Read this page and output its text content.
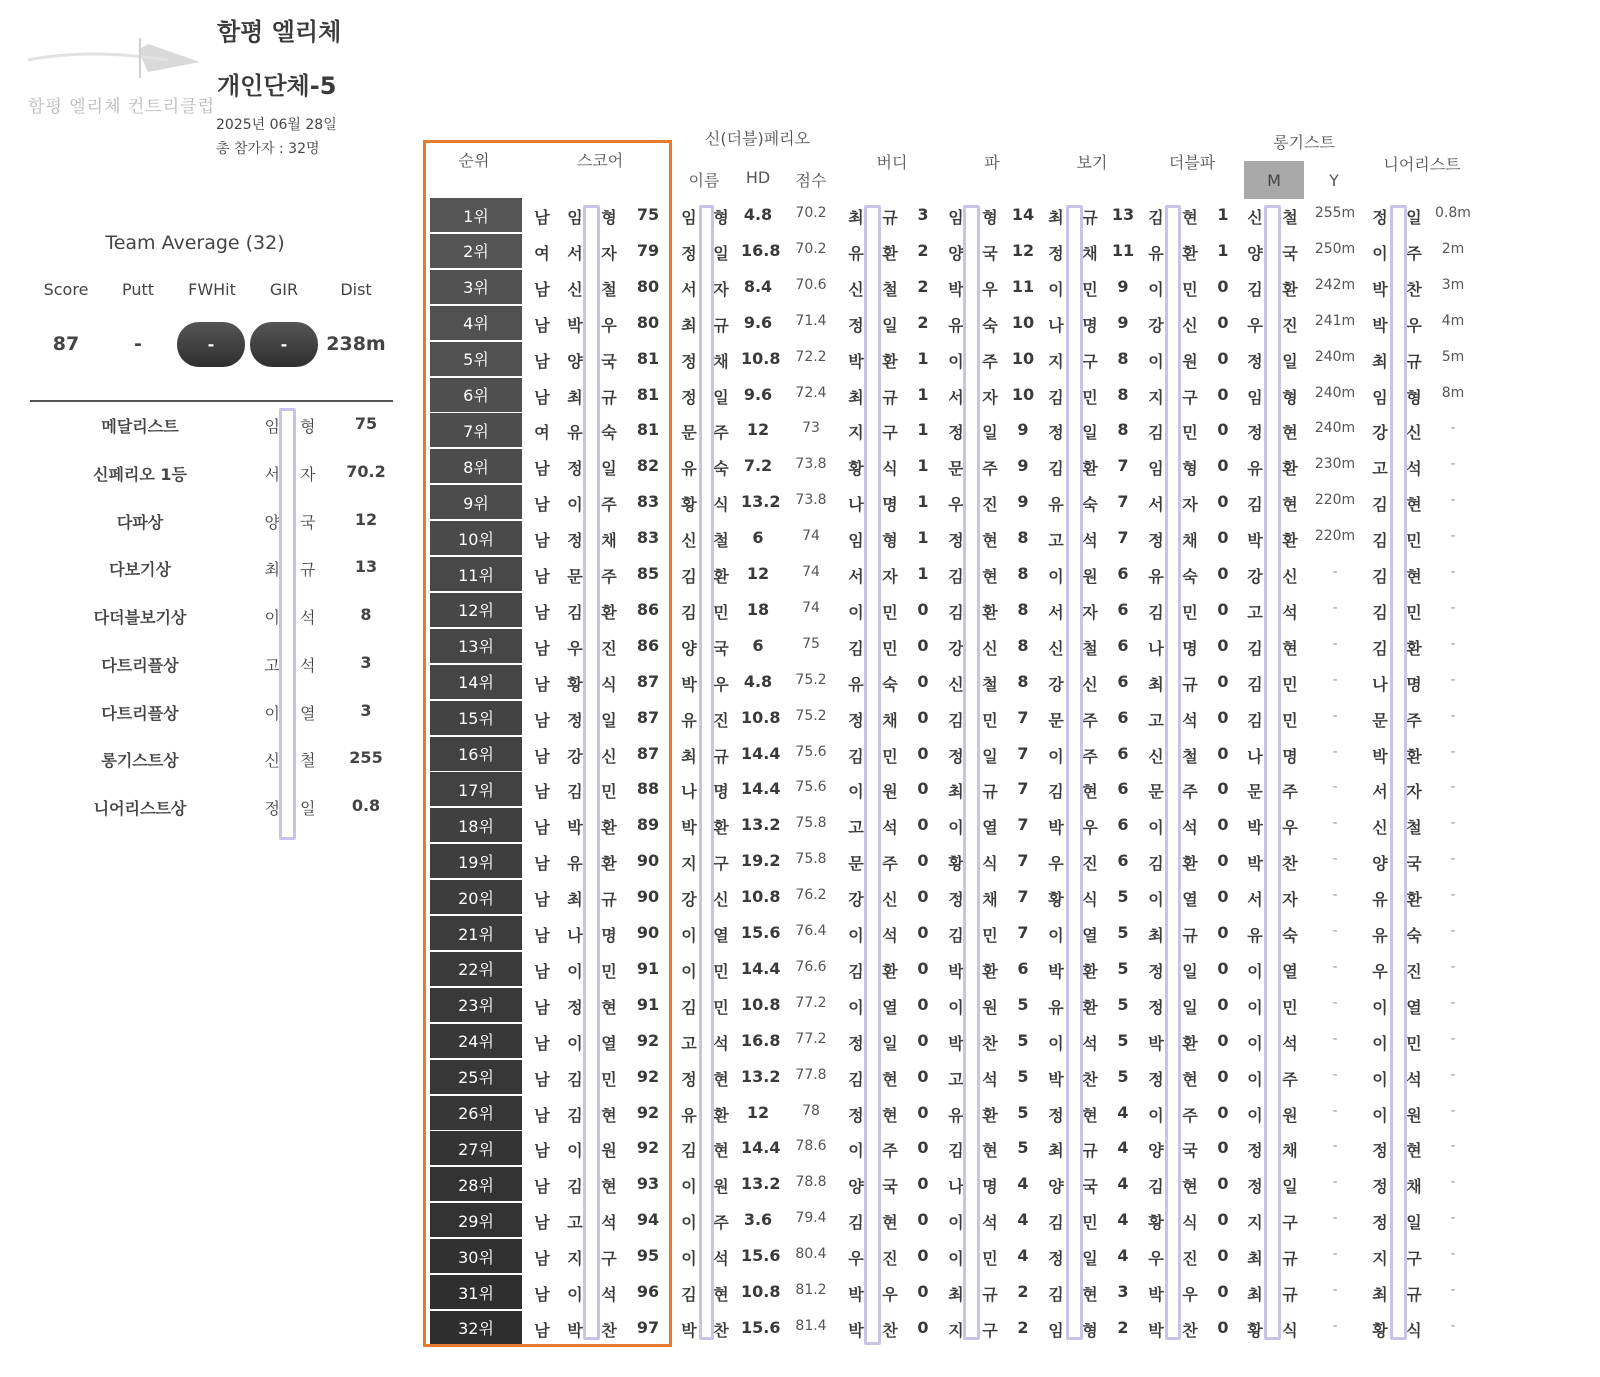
함평 엘리체 컨트리클럽
함평 엘리체
개인단체-5
2025년 06월 28일
총 참가자 : 32명
Team Average (32)
Score	Putt	FWHit	GIR	Dist
87	-	-	-	238m
메달리스트	임 형	75
신페리오 1등	서 자	70.2
다파상	양 국	12
다보기상	최 규	13
다더블보기상	이 석	8
다트리플상	고 석	3
다트리플상	이 열	3
롱기스트상	신 철	255
니어리스트상	정 일	0.8
순위	스코어
신(더블)페리오
이름	HD	점수
버디	파	보기	더블파
롱기스트
M	Y
니어리스트
1위	남	임	형	75	임	형 4.8	70.2	최	규	3	임	형 14 최	규 13 김	현	1	신	철	255m	정	일 0.8m
2위	여	서	자	79	정	일 16.8	70.2	유	환	2	양	국 12 정	채 11 유	환	1	양	국	250m	이	주	2m
3위	남	신	철	80	서	자 8.4	70.6	신	철	2	박	우 11 이	민	9	이	민	0	김	환	242m	박	찬	3m
4위	남	박	우	80	최	규 9.6	71.4	정	일	2	유	숙 10 나	명	9	강	신	0	우	진	241m	박	우	4m
5위	남	양	국	81	정	채 10.8	72.2	박	환	1	이	주 10 지	구	8	이	원	0	정	일	240m	최	규	5m
6위	남	최	규	81	정	일 9.6	72.4	최	규	1	서	자 10 김	민	8	지	구	0	임	형	240m	임	형	8m
7위	여	유	숙	81	문	주	12	73	지	구	1	정	일	9	정	일	8	김	민	0	정	현	240m	강	신	-
8위	남	정	일	82	유	숙 7.2	73.8	황	식	1	문	주	9	김	환	7	임	형	0	유	환	230m	고	석	-
9위	남	이	주	83	황	식 13.2	73.8	나	명	1	우	진	9	유	숙	7	서	자	0	김	현	220m	김	현	-
10위	남	정	채	83	신	철	6	74	임	형	1	정	현	8	고	석	7	정	채	0	박	환	220m	김	민	-
11위	남	문	주	85	김	환	12	74	서	자	1	김	현	8	이	원	6	유	숙	0	강	신	-	김	현	-
12위	남	김	환	86	김	민	18	74	이	민	0	김	환	8	서	자	6	김	민	0	고	석	-	김	민	-
13위	남	우	진	86	양	국	6	75	김	민	0	강	신	8	신	철	6	나	명	0	김	현	-	김	환	-
14위	남	황	식	87	박	우 4.8	75.2	유	숙	0	신	철	8	강	신	6	최	규	0	김	민	-	나	명	-
15위	남	정	일	87	유	진 10.8	75.2	정	채	0	김	민	7	문	주	6	고	석	0	김	민	-	문	주	-
16위	남	강	신	87	최	규 14.4	75.6	김	민	0	정	일	7	이	주	6	신	철	0	나	명	-	박	환	-
17위	남	김	민	88	나	명 14.4	75.6	이	원	0	최	규	7	김	현	6	문	주	0	문	주	-	서	자	-
18위	남	박	환	89	박	환 13.2	75.8	고	석	0	이	열	7	박	우	6	이	석	0	박	우	-	신	철	-
19위	남	유	환	90	지	구 19.2	75.8	문	주	0	황	식	7	우	진	6	김	환	0	박	찬	-	양	국	-
20위	남	최	규	90	강	신 10.8	76.2	강	신	0	정	채	7	황	식	5	이	열	0	서	자	-	유	환	-
21위	남	나	명	90	이	열 15.6	76.4	이	석	0	김	민	7	이	열	5	최	규	0	유	숙	-	유	숙	-
22위	남	이	민	91	이	민 14.4	76.6	김	환	0	박	환	6	박	환	5	정	일	0	이	열	-	우	진	-
23위	남	정	현	91	김	민 10.8	77.2	이	열	0	이	원	5	유	환	5	정	일	0	이	민	-	이	열	-
24위	남	이	열	92	고	석 16.8	77.2	정	일	0	박	찬	5	이	석	5	박	환	0	이	석	-	이	민	-
25위	남	김	민	92	정	현 13.2	77.8	김	현	0	고	석	5	박	찬	5	정	현	0	이	주	-	이	석	-
26위	남	김	현	92	유	환	12	78	정	현	0	유	환	5	정	현	4	이	주	0	이	원	-	이	원	-
27위	남	이	원	92	김	현 14.4	78.6	이	주	0	김	현	5	최	규	4	양	국	0	정	채	-	정	현	-
28위	남	김	현	93	이	원 13.2	78.8	양	국	0	나	명	4	양	국	4	김	현	0	정	일	-	정	채	-
29위	남	고	석	94	이	주 3.6	79.4	김	현	0	이	석	4	김	민	4	황	식	0	지	구	-	정	일	-
30위	남	지	구	95	이	석 15.6	80.4	우	진	0	이	민	4	정	일	4	우	진	0	최	규	-	지	구	-
31위	남	이	석	96	김	현 10.8	81.2	박	우	0	최	규	2	김	현	3	박	우	0	최	규	-	최	규	-
32위	남	박	찬	97	박	찬 15.6	81.4	박	찬	0	지	구	2	임	형	2	박	찬	0	황	식	-	황	식	-
